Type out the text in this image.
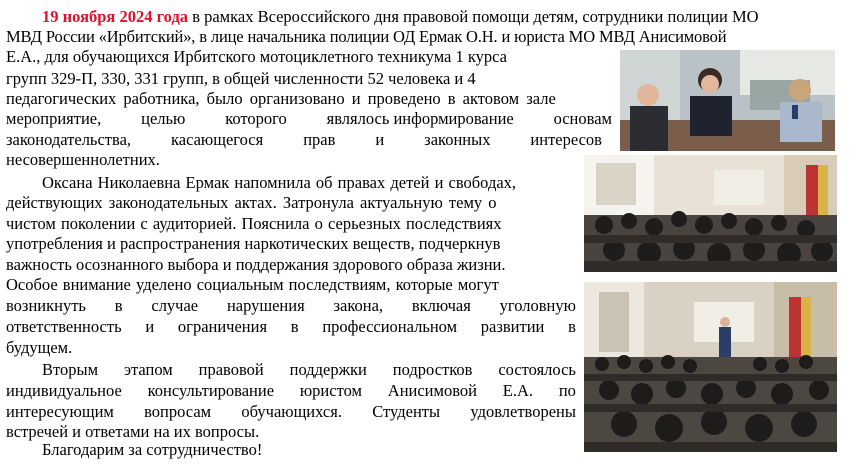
19 ноября 2024 года в рамках Всероссийского дня правовой помощи детям, сотрудники полиции МО
МВД России «Ирбитский», в лице начальника полиции ОД Ермак О.Н. и юриста МО МВД Анисимовой
Е.А., для обучающихся Ирбитского мотоциклетного техникума 1 курса
групп 329-П, 330, 331 групп, в общей численности 52 человека и 4
педагогических работника, было организовано и проведено в актовом зале
мероприятие, целью которого являлось информирование основам
законодательства, касающегося прав и законных интересов
несовершеннолетних.
Оксана Николаевна Ермак напомнила об правах детей и свободах,
действующих законодательных актах. Затронула актуальную тему о
чистом поколении с аудиторией. Пояснила о серьезных последствиях
употребления и распространения наркотических веществ, подчеркнув
важность осознанного выбора и поддержания здорового образа жизни.
Особое внимание уделено социальным последствиям, которые могут
возникнуть в случае нарушения закона, включая уголовную
ответственность и ограничения в профессиональном развитии в
будущем.
Вторым этапом правовой поддержки подростков состоялось
индивидуальное консультирование юристом Анисимовой Е.А. по
интересующим вопросам обучающихся. Студенты удовлетворены
встречей и ответами на их вопросы.
Благодарим за сотрудничество!
